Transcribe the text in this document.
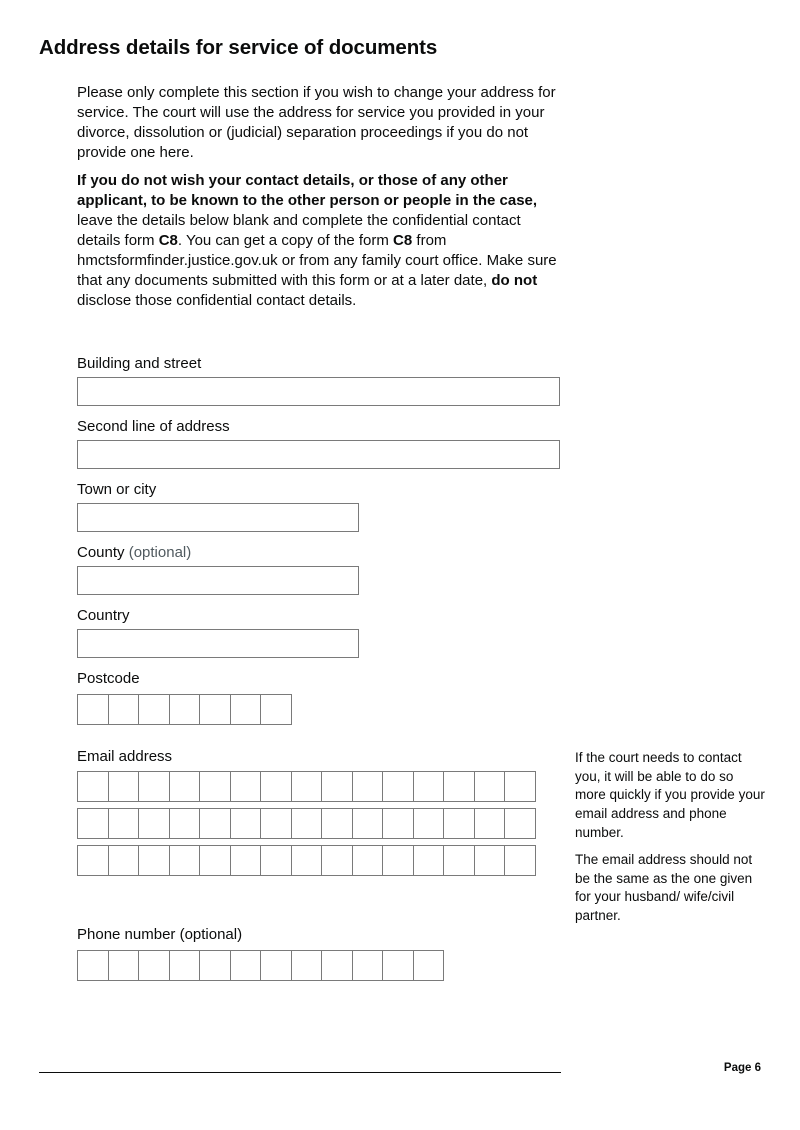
Address details for service of documents
Please only complete this section if you wish to change your address for service. The court will use the address for service you provided in your divorce, dissolution or (judicial) separation proceedings if you do not provide one here.
If you do not wish your contact details, or those of any other applicant, to be known to the other person or people in the case, leave the details below blank and complete the confidential contact details form C8. You can get a copy of the form C8 from hmctsformfinder.justice.gov.uk or from any family court office. Make sure that any documents submitted with this form or at a later date, do not disclose those confidential contact details.
Building and street
Second line of address
Town or city
County (optional)
Country
Postcode
Email address	If the court needs to contact you, it will be able to do so more quickly if you provide your email address and phone number.
The email address should not be the same as the one given for your husband/ wife/civil partner.
Phone number (optional)
Page 6
